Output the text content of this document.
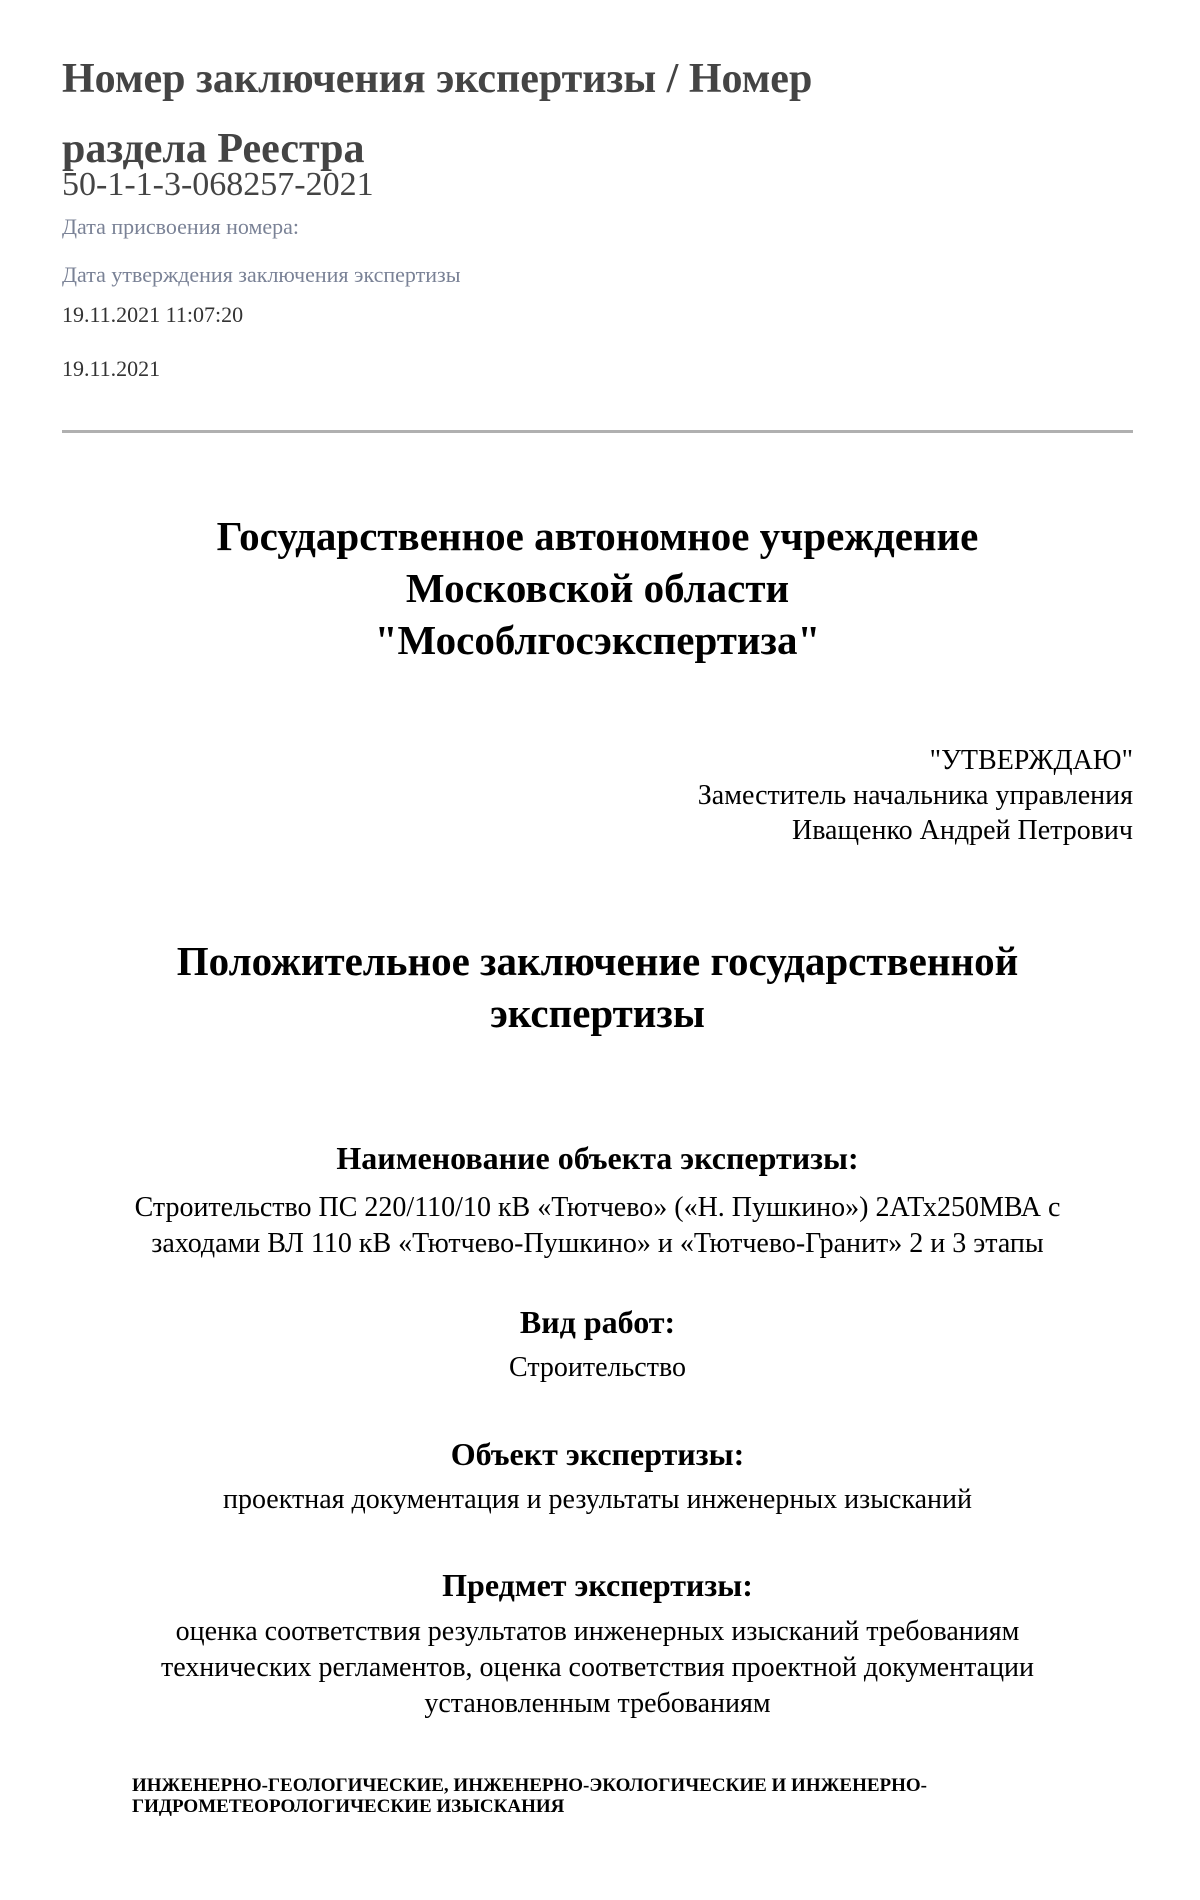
Номер заключения экспертизы / Номер
раздела Реестра
50-1-1-3-068257-2021
Дата присвоения номера:
Дата утверждения заключения экспертизы
19.11.2021 11:07:20
19.11.2021
Государственное автономное учреждение
Московской области
"Мособлгосэкспертиза"
"УТВЕРЖДАЮ"
Заместитель начальника управления
Иващенко Андрей Петрович
Положительное заключение государственной
экспертизы
Наименование объекта экспертизы:
Строительство ПС 220/110/10 кВ «Тютчево» («Н. Пушкино») 2АТх250МВА с
заходами ВЛ 110 кВ «Тютчево-Пушкино» и «Тютчево-Гранит» 2 и 3 этапы
Вид работ:
Строительство
Объект экспертизы:
проектная документация и результаты инженерных изысканий
Предмет экспертизы:
оценка соответствия результатов инженерных изысканий требованиям
технических регламентов, оценка соответствия проектной документации
установленным требованиям
ИНЖЕНЕРНО-ГЕОЛОГИЧЕСКИЕ, ИНЖЕНЕРНО-ЭКОЛОГИЧЕСКИЕ И ИНЖЕНЕРНО-
ГИДРОМЕТЕОРОЛОГИЧЕСКИЕ ИЗЫСКАНИЯ
